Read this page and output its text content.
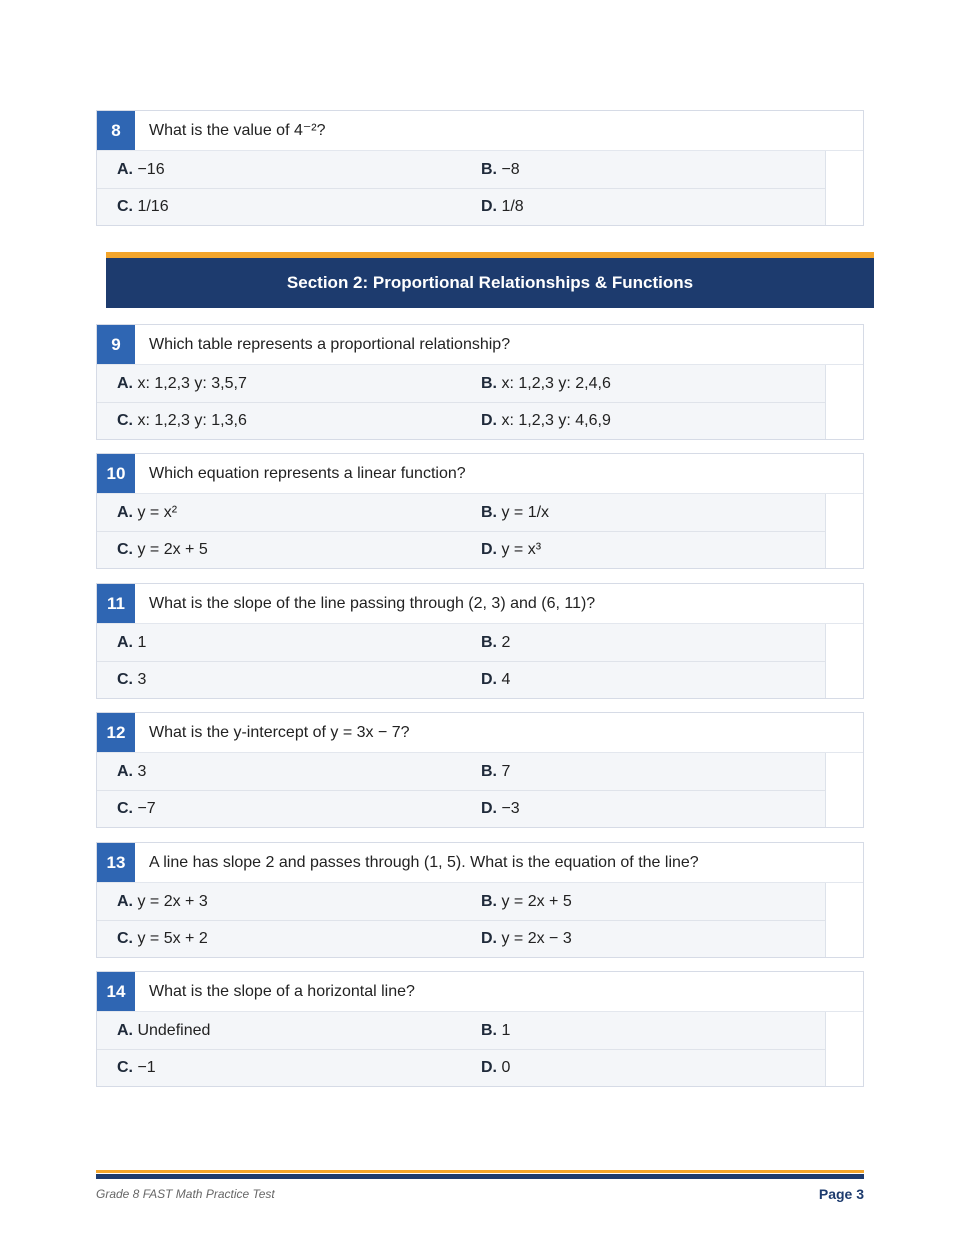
8	What is the value of 4⁻²?
A. −16	B. −8
C. 1/16	D. 1/8
Section 2: Proportional Relationships & Functions
9	Which table represents a proportional relationship?
A. x: 1,2,3 y: 3,5,7	B. x: 1,2,3 y: 2,4,6
C. x: 1,2,3 y: 1,3,6	D. x: 1,2,3 y: 4,6,9
10	Which equation represents a linear function?
A. y = x²	B. y = 1/x
C. y = 2x + 5	D. y = x³
11	What is the slope of the line passing through (2, 3) and (6, 11)?
A. 1	B. 2
C. 3	D. 4
12	What is the y-intercept of y = 3x − 7?
A. 3	B. 7
C. −7	D. −3
13	A line has slope 2 and passes through (1, 5). What is the equation of the line?
A. y = 2x + 3	B. y = 2x + 5
C. y = 5x + 2	D. y = 2x − 3
14	What is the slope of a horizontal line?
A. Undefined	B. 1
C. −1	D. 0
Grade 8 FAST Math Practice Test	Page 3
